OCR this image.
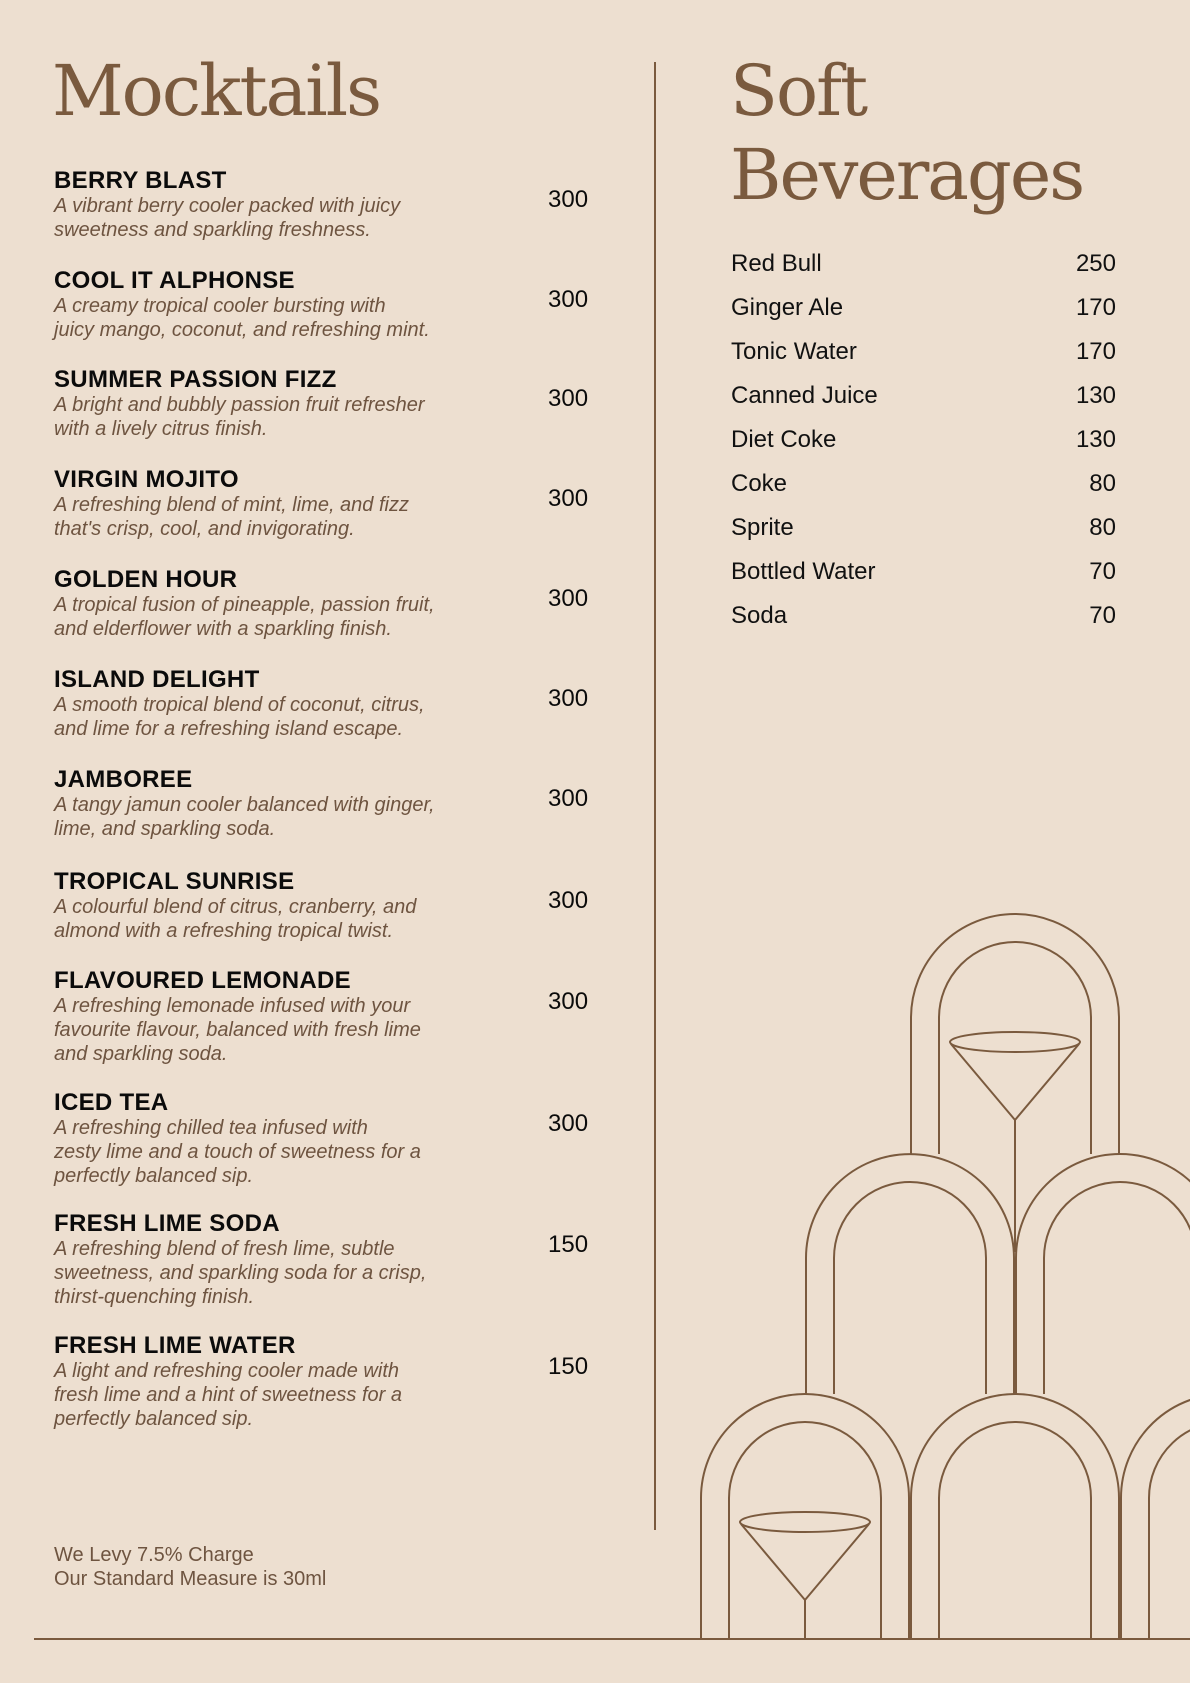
Mocktails	Soft
Beverages

BERRY BLAST

A vibrant berry cooler packed with juicy

sweetness and sparkling freshness.

300

COOL IT ALPHONSE

A creamy tropical cooler bursting with

juicy mango, coconut, and refreshing mint.

300

SUMMER PASSION FIZZ

A bright and bubbly passion fruit refresher

with a lively citrus finish.

300

VIRGIN MOJITO

A refreshing blend of mint, lime, and fizz

that's crisp, cool, and invigorating.

300

GOLDEN HOUR

A tropical fusion of pineapple, passion fruit,

and elderflower with a sparkling finish.

300

ISLAND DELIGHT

A smooth tropical blend of coconut, citrus,

and lime for a refreshing island escape.

300

JAMBOREE

A tangy jamun cooler balanced with ginger,

lime, and sparkling soda.

300

TROPICAL SUNRISE

A colourful blend of citrus, cranberry, and

almond with a refreshing tropical twist.

300

FLAVOURED LEMONADE

A refreshing lemonade infused with your

favourite flavour, balanced with fresh lime

and sparkling soda.

300

ICED TEA

A refreshing chilled tea infused with

zesty lime and a touch of sweetness for a

perfectly balanced sip.

300

FRESH LIME SODA

A refreshing blend of fresh lime, subtle

sweetness, and sparkling soda for a crisp,

thirst-quenching finish.

150

FRESH LIME WATER

A light and refreshing cooler made with

fresh lime and a hint of sweetness for a

perfectly balanced sip.

150
Red Bull	250
Ginger Ale	170
Tonic Water	170
Canned Juice	130
Diet Coke	130
Coke	80
Sprite	80
Bottled Water	70
Soda	70
We Levy 7.5% Charge
Our Standard Measure is 30ml
